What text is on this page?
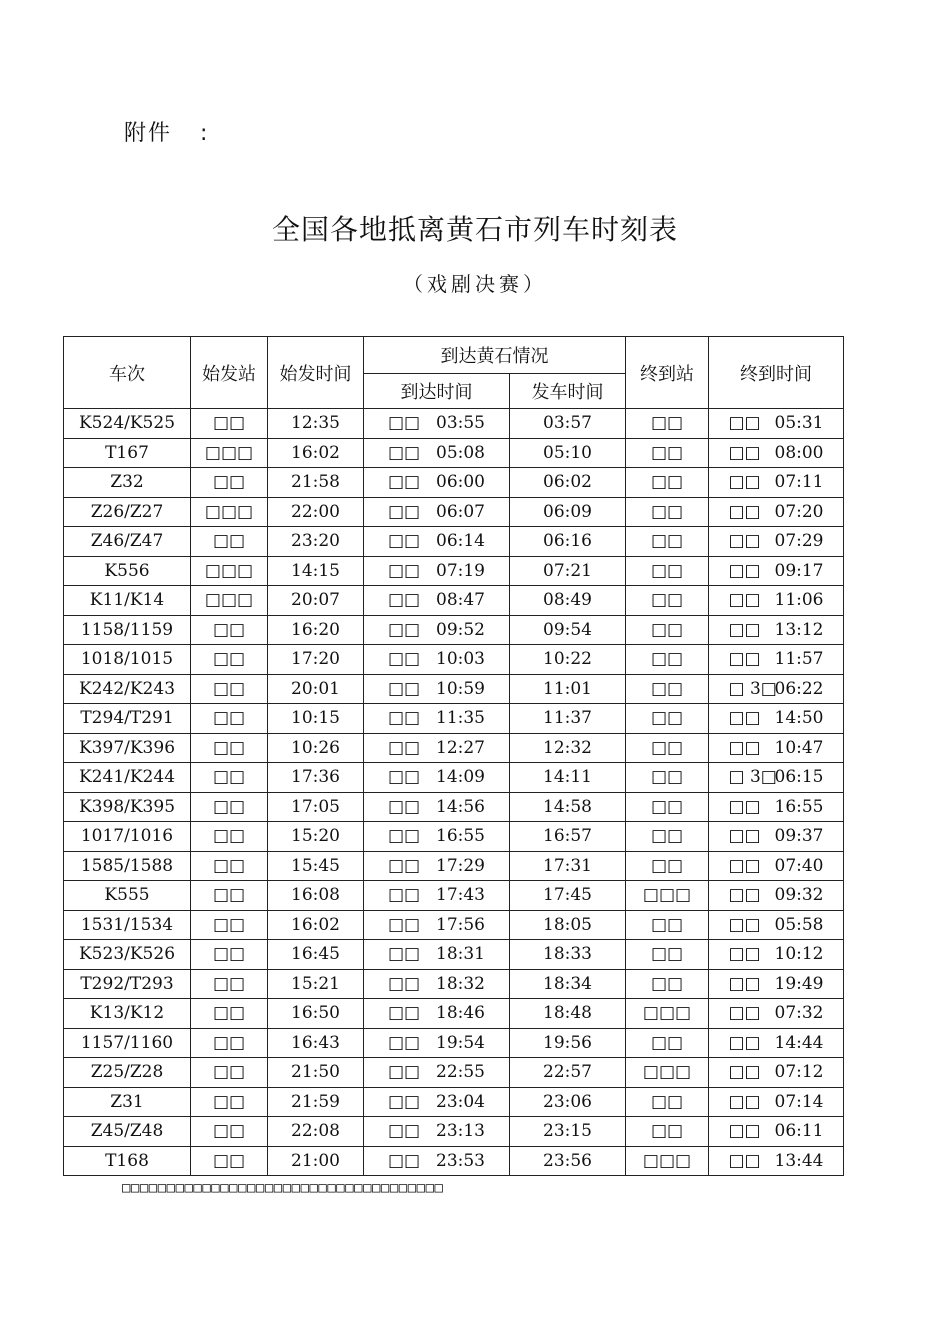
附件 :
全国各地抵离黄石市列车时刻表
（戏剧决赛）
车次	始发站	始发时间	到达黄石情况		终到站	终到时间
			到达时间	发车时间		
K524/K525	□□	12:35	□□ 03:55	03:57	□□	□□ 05:31
T167	□□□	16:02	□□ 05:08	05:10	□□	□□ 08:00
Z32	□□	21:58	□□ 06:00	06:02	□□	□□ 07:11
Z26/Z27	□□□	22:00	□□ 06:07	06:09	□□	□□ 07:20
Z46/Z47	□□	23:20	□□ 06:14	06:16	□□	□□ 07:29
K556	□□□	14:15	□□ 07:19	07:21	□□	□□ 09:17
K11/K14	□□□	20:07	□□ 08:47	08:49	□□	□□ 11:06
1158/1159	□□	16:20	□□ 09:52	09:54	□□	□□ 13:12
1018/1015	□□	17:20	□□ 10:03	10:22	□□	□□ 11:57
K242/K243	□□	20:01	□□ 10:59	11:01	□□	□ 3□06:22
T294/T291	□□	10:15	□□ 11:35	11:37	□□	□□ 14:50
K397/K396	□□	10:26	□□ 12:27	12:32	□□	□□ 10:47
K241/K244	□□	17:36	□□ 14:09	14:11	□□	□ 3□06:15
K398/K395	□□	17:05	□□ 14:56	14:58	□□	□□ 16:55
1017/1016	□□	15:20	□□ 16:55	16:57	□□	□□ 09:37
1585/1588	□□	15:45	□□ 17:29	17:31	□□	□□ 07:40
K555	□□	16:08	□□ 17:43	17:45	□□□	□□ 09:32
1531/1534	□□	16:02	□□ 17:56	18:05	□□	□□ 05:58
K523/K526	□□	16:45	□□ 18:31	18:33	□□	□□ 10:12
T292/T293	□□	15:21	□□ 18:32	18:34	□□	□□ 19:49
K13/K12	□□	16:50	□□ 18:46	18:48	□□□	□□ 07:32
1157/1160	□□	16:43	□□ 19:54	19:56	□□	□□ 14:44
Z25/Z28	□□	21:50	□□ 22:55	22:57	□□□	□□ 07:12
Z31	□□	21:59	□□ 23:04	23:06	□□	□□ 07:14
Z45/Z48	□□	22:08	□□ 23:13	23:15	□□	□□ 06:11
T168	□□	21:00	□□ 23:53	23:56	□□□	□□ 13:44
□□□□□□□□□□□□□□□□□□□□□□□□□□□□□□□□□□□□
